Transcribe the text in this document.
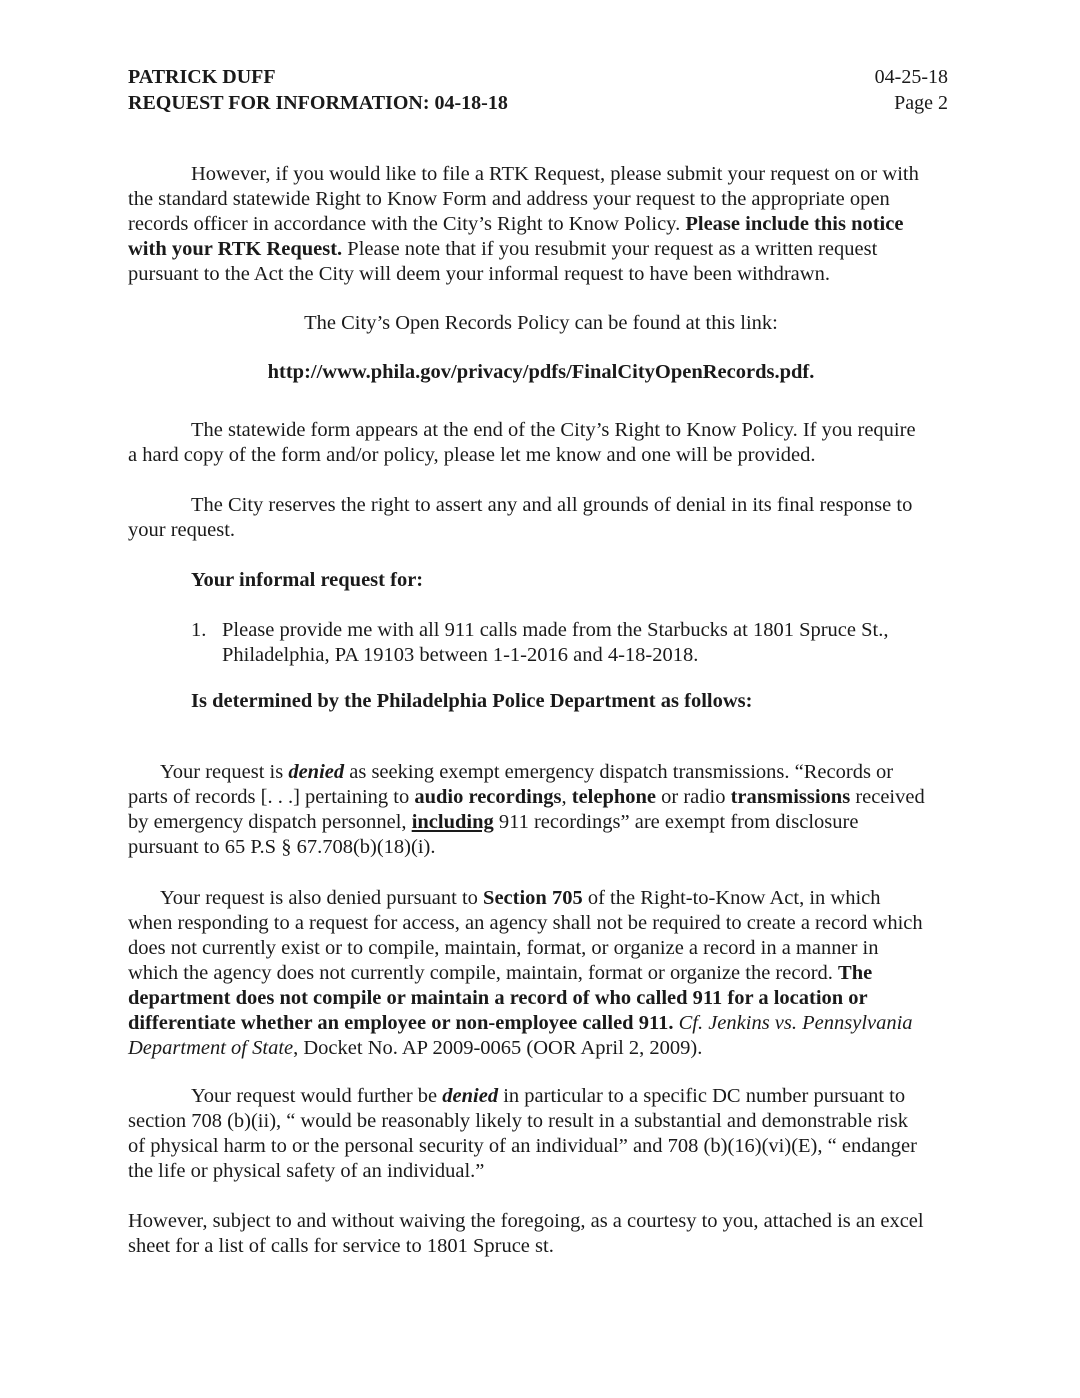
PATRICK DUFF
REQUEST FOR INFORMATION: 04-18-18
04-25-18
Page 2
However, if you would like to file a RTK Request, please submit your request on or with
the standard statewide Right to Know Form and address your request to the appropriate open
records officer in accordance with the City’s Right to Know Policy. Please include this notice
with your RTK Request. Please note that if you resubmit your request as a written request
pursuant to the Act the City will deem your informal request to have been withdrawn.
The City’s Open Records Policy can be found at this link:
http://www.phila.gov/privacy/pdfs/FinalCityOpenRecords.pdf.
The statewide form appears at the end of the City’s Right to Know Policy. If you require
a hard copy of the form and/or policy, please let me know and one will be provided.
The City reserves the right to assert any and all grounds of denial in its final response to
your request.
Your informal request for:
1. Please provide me with all 911 calls made from the Starbucks at 1801 Spruce St.,
Philadelphia, PA 19103 between 1-1-2016 and 4-18-2018.
Is determined by the Philadelphia Police Department as follows:
Your request is denied as seeking exempt emergency dispatch transmissions. “Records or
parts of records [. . .] pertaining to audio recordings, telephone or radio transmissions received
by emergency dispatch personnel, including 911 recordings” are exempt from disclosure
pursuant to 65 P.S § 67.708(b)(18)(i).
Your request is also denied pursuant to Section 705 of the Right-to-Know Act, in which
when responding to a request for access, an agency shall not be required to create a record which
does not currently exist or to compile, maintain, format, or organize a record in a manner in
which the agency does not currently compile, maintain, format or organize the record. The
department does not compile or maintain a record of who called 911 for a location or
differentiate whether an employee or non-employee called 911. Cf. Jenkins vs. Pennsylvania
Department of State, Docket No. AP 2009-0065 (OOR April 2, 2009).
Your request would further be denied in particular to a specific DC number pursuant to
section 708 (b)(ii), “ would be reasonably likely to result in a substantial and demonstrable risk
of physical harm to or the personal security of an individual” and 708 (b)(16)(vi)(E), “ endanger
the life or physical safety of an individual.”
However, subject to and without waiving the foregoing, as a courtesy to you, attached is an excel
sheet for a list of calls for service to 1801 Spruce st.
